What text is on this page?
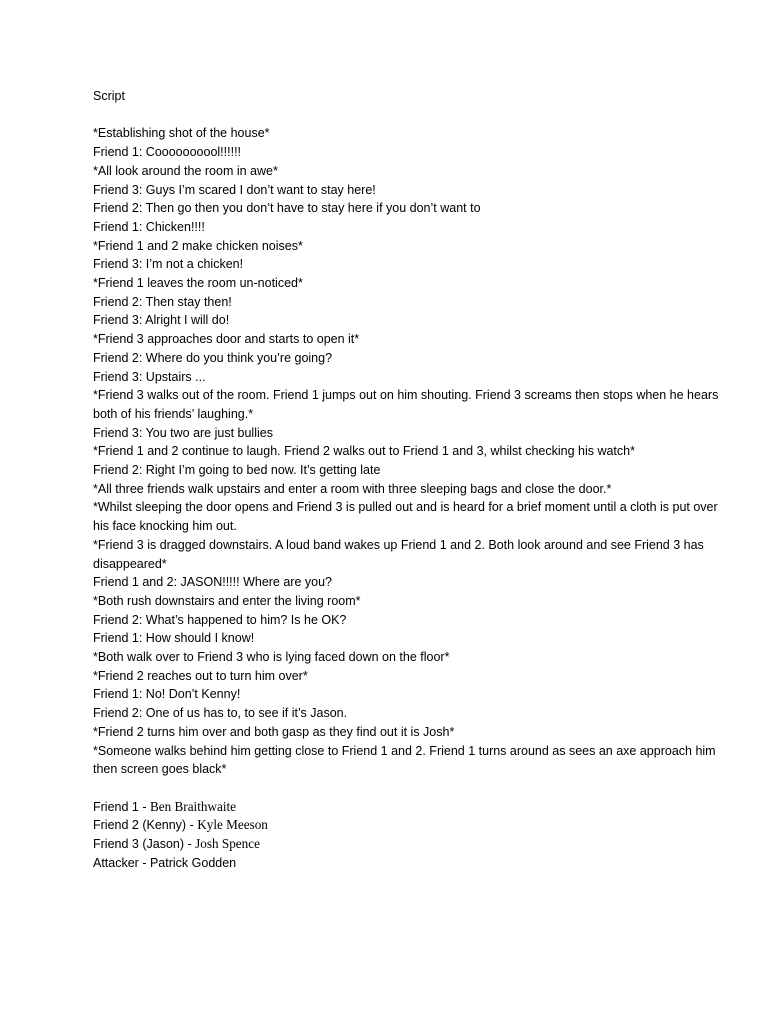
Script

*Establishing shot of the house*

Friend 1: Coooooooool!!!!!!

*All look around the room in awe*

Friend 3: Guys I’m scared I don’t want to stay here!

Friend 2: Then go then you don’t have to stay here if you don’t want to

Friend 1: Chicken!!!!

*Friend 1 and 2 make chicken noises*

Friend 3: I’m not a chicken!

*Friend 1 leaves the room un-noticed*

Friend 2: Then stay then!

Friend 3: Alright I will do!

*Friend 3 approaches door and starts to open it*

Friend 2: Where do you think you’re going?

Friend 3: Upstairs ...

*Friend 3 walks out of the room. Friend 1 jumps out on him shouting. Friend 3 screams then stops when he hears both of his friends’ laughing.*

Friend 3: You two are just bullies

*Friend 1 and 2 continue to laugh. Friend 2 walks out to Friend 1 and 3, whilst checking his watch*

Friend 2: Right I’m going to bed now. It’s getting late

*All three friends walk upstairs and enter a room with three sleeping bags and close the door.*

*Whilst sleeping the door opens and Friend 3 is pulled out and is heard for a brief moment until a cloth is put over his face knocking him out.

*Friend 3 is dragged downstairs. A loud band wakes up Friend 1 and 2. Both look around and see Friend 3 has disappeared*

Friend 1 and 2: JASON!!!!! Where are you?

*Both rush downstairs and enter the living room*

Friend 2: What’s happened to him? Is he OK?

Friend 1: How should I know!

*Both walk over to Friend 3 who is lying faced down on the floor*

*Friend 2 reaches out to turn him over*

Friend 1: No! Don’t Kenny!

Friend 2: One of us has to, to see if it’s Jason.

*Friend 2 turns him over and both gasp as they find out it is Josh*

*Someone walks behind him getting close to Friend 1 and 2. Friend 1 turns around as sees an axe approach him then screen goes black*

Friend 1 - Ben Braithwaite

Friend 2 (Kenny) - Kyle Meeson

Friend 3 (Jason) - Josh Spence

Attacker - Patrick Godden
